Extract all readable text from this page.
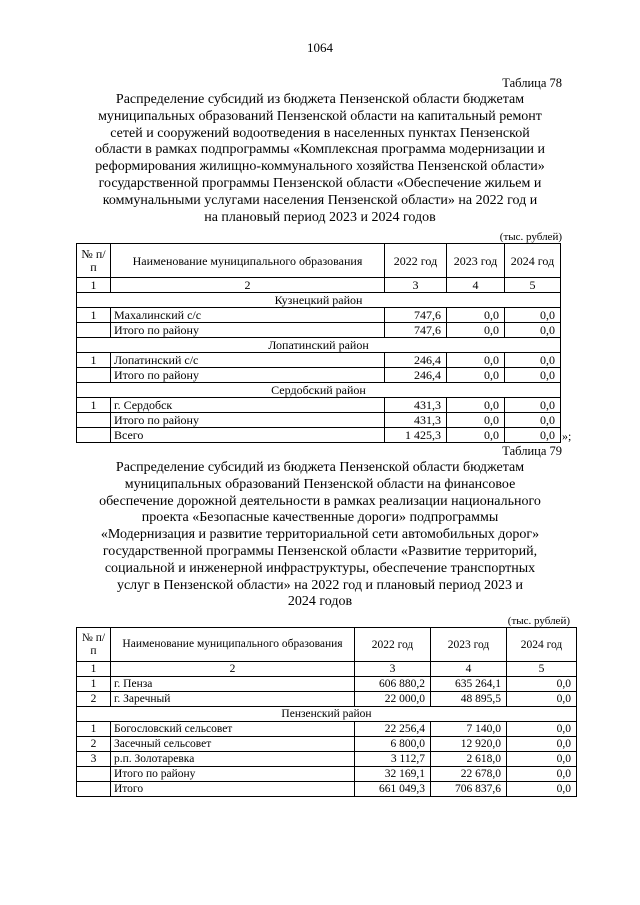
1064
Таблица 78
Распределение субсидий из бюджета Пензенской области бюджетам
муниципальных образований Пензенской области на капитальный ремонт
сетей и сооружений водоотведения в населенных пунктах Пензенской
области в рамках подпрограммы «Комплексная программа модернизации и
реформирования жилищно-коммунального хозяйства Пензенской области»
государственной программы Пензенской области «Обеспечение жильем и
коммунальными услугами населения Пензенской области» на 2022 год и
на плановый период 2023 и 2024 годов
(тыс. рублей)
№ п/п	Наименование муниципального образования	2022 год	2023 год	2024 год
1	2	3	4	5
Кузнецкий район				
1	Махалинский с/с	747,6	0,0	0,0
	Итого по району	747,6	0,0	0,0
Лопатинский район				
1	Лопатинский с/с	246,4	0,0	0,0
	Итого по району	246,4	0,0	0,0
Сердобский район				
1	г. Сердобск	431,3	0,0	0,0
	Итого по району	431,3	0,0	0,0
	Всего	1 425,3	0,0	0,0 »;
Таблица 79
Распределение субсидий из бюджета Пензенской области бюджетам
муниципальных образований Пензенской области на финансовое
обеспечение дорожной деятельности в рамках реализации национального
проекта «Безопасные качественные дороги» подпрограммы
«Модернизация и развитие территориальной сети автомобильных дорог»
государственной программы Пензенской области «Развитие территорий,
социальной и инженерной инфраструктуры, обеспечение транспортных
услуг в Пензенской области» на 2022 год и плановый период 2023 и
2024 годов
(тыс. рублей)
№ п/п	Наименование муниципального образования	2022 год	2023 год	2024 год
1	2	3	4	5
1	г. Пенза	606 880,2	635 264,1	0,0
2	г. Заречный	22 000,0	48 895,5	0,0
Пензенский район				
1	Богословский сельсовет	22 256,4	7 140,0	0,0
2	Засечный сельсовет	6 800,0	12 920,0	0,0
3	р.п. Золотаревка	3 112,7	2 618,0	0,0
	Итого по району	32 169,1	22 678,0	0,0
	Итого	661 049,3	706 837,6	0,0
